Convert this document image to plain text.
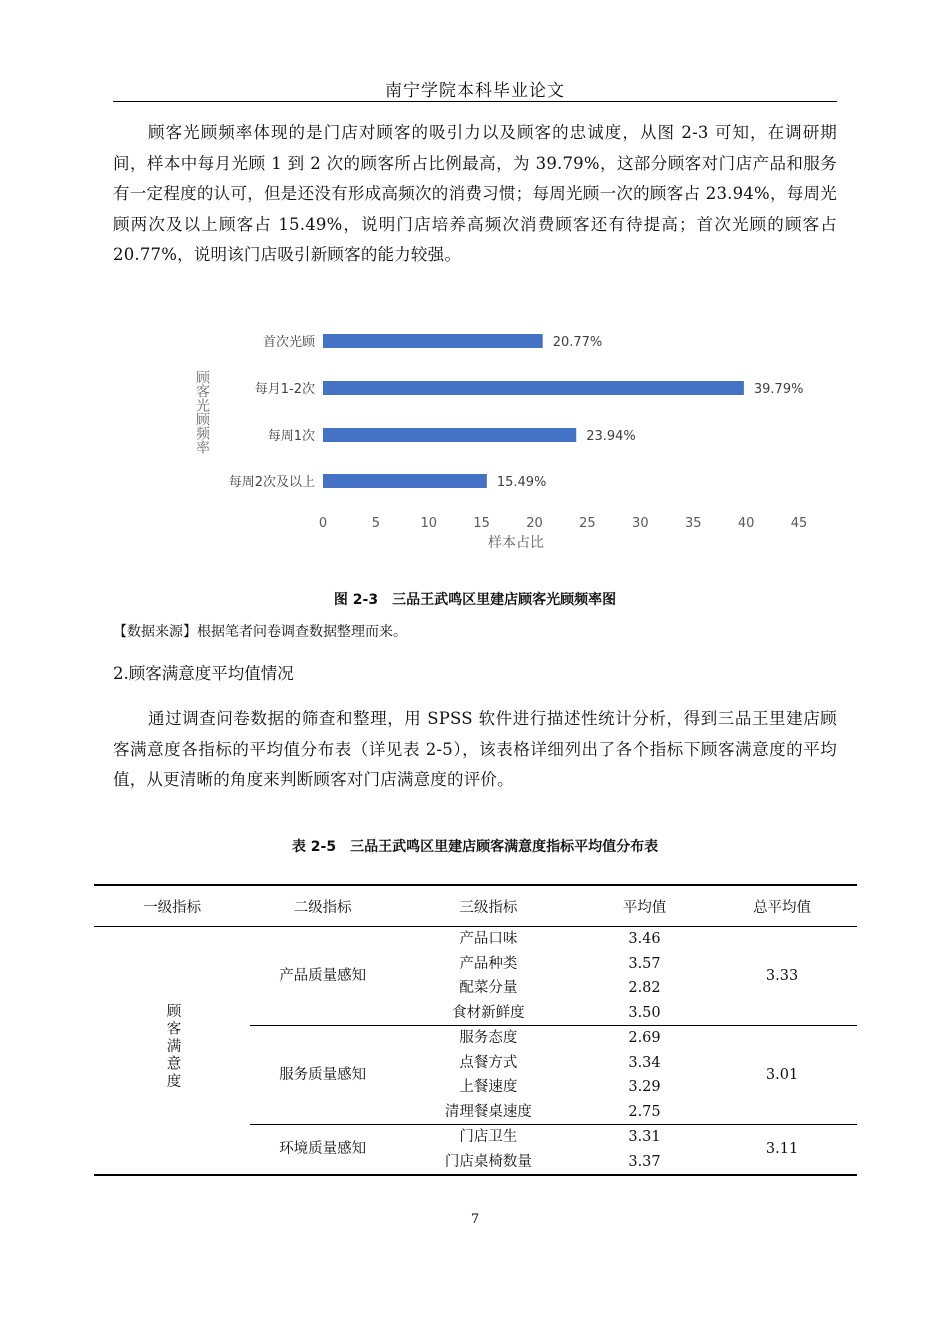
南宁学院本科毕业论文
顾客光顾频率体现的是门店对顾客的吸引力以及顾客的忠诚度，从图 2-3 可知，在调研期间，样本中每月光顾 1 到 2 次的顾客所占比例最高，为 39.79%，这部分顾客对门店产品和服务有一定程度的认可，但是还没有形成高频次的消费习惯；每周光顾一次的顾客占 23.94%，每周光顾两次及以上顾客占 15.49%，说明门店培养高频次消费顾客还有待提高；首次光顾的顾客占 20.77%，说明该门店吸引新顾客的能力较强。
顾客光顾频率
首次光顾	20.77%
每月1-2次	39.79%
每周1次	23.94%
每周2次及以上	15.49%
0	5	10	15	20	25	30	35	40	45
样本占比
图 2-3　三品王武鸣区里建店顾客光顾频率图
【数据来源】根据笔者问卷调查数据整理而来。
2.顾客满意度平均值情况
通过调查问卷数据的筛查和整理，用 SPSS 软件进行描述性统计分析，得到三品王里建店顾客满意度各指标的平均值分布表（详见表 2-5），该表格详细列出了各个指标下顾客满意度的平均值，从更清晰的角度来判断顾客对门店满意度的评价。
表 2-5　三品王武鸣区里建店顾客满意度指标平均值分布表
一级指标	二级指标	三级指标	平均值	总平均值
顾客满意度	产品质量感知	产品口味	3.46	3.33
		产品种类	3.57	
		配菜分量	2.82	
		食材新鲜度	3.50	
	服务质量感知	服务态度	2.69	3.01
		点餐方式	3.34	
		上餐速度	3.29	
		清理餐桌速度	2.75	
	环境质量感知	门店卫生	3.31	3.11
		门店桌椅数量	3.37	
7
